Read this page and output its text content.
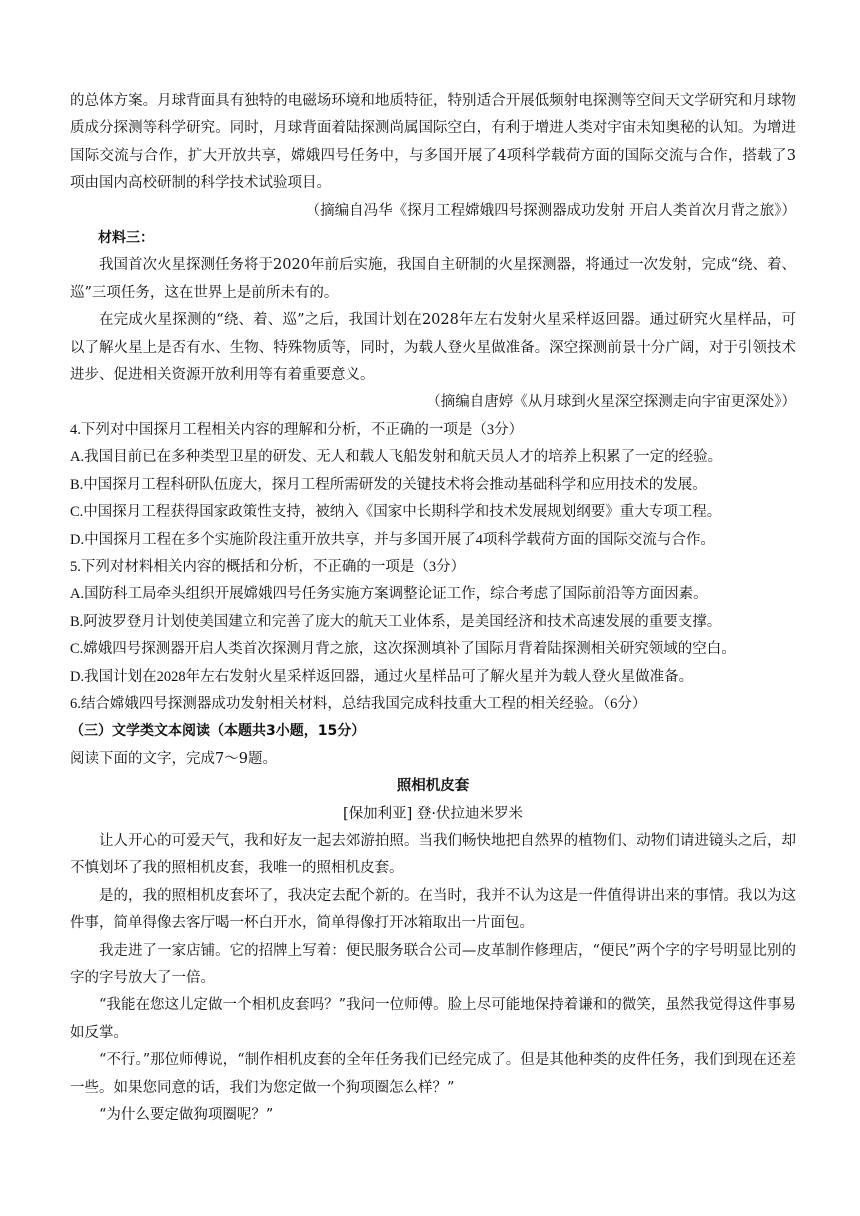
的总体方案。月球背面具有独特的电磁场环境和地质特征，特别适合开展低频射电探测等空间天文学研究和月球物质成分探测等科学研究。同时，月球背面着陆探测尚属国际空白，有利于增进人类对宇宙未知奥秘的认知。为增进国际交流与合作，扩大开放共享，嫦娥四号任务中，与多国开展了4项科学载荷方面的国际交流与合作，搭载了3项由国内高校研制的科学技术试验项目。

（摘编自冯华《探月工程嫦娥四号探测器成功发射 开启人类首次月背之旅》）

材料三：

我国首次火星探测任务将于2020年前后实施，我国自主研制的火星探测器，将通过一次发射，完成“绕、着、巡”三项任务，这在世界上是前所未有的。

在完成火星探测的“绕、着、巡”之后，我国计划在2028年左右发射火星采样返回器。通过研究火星样品，可以了解火星上是否有水、生物、特殊物质等，同时，为载人登火星做准备。深空探测前景十分广阔，对于引领技术进步、促进相关资源开放利用等有着重要意义。

（摘编自唐婷《从月球到火星深空探测走向宇宙更深处》）

4.下列对中国探月工程相关内容的理解和分析，不正确的一项是（3分）

A.我国目前已在多种类型卫星的研发、无人和载人飞船发射和航天员人才的培养上积累了一定的经验。

B.中国探月工程科研队伍庞大，探月工程所需研发的关键技术将会推动基础科学和应用技术的发展。

C.中国探月工程获得国家政策性支持，被纳入《国家中长期科学和技术发展规划纲要》重大专项工程。

D.中国探月工程在多个实施阶段注重开放共享，并与多国开展了4项科学载荷方面的国际交流与合作。

5.下列对材料相关内容的概括和分析，不正确的一项是（3分）

A.国防科工局牵头组织开展嫦娥四号任务实施方案调整论证工作，综合考虑了国际前沿等方面因素。

B.阿波罗登月计划使美国建立和完善了庞大的航天工业体系，是美国经济和技术高速发展的重要支撑。

C.嫦娥四号探测器开启人类首次探测月背之旅，这次探测填补了国际月背着陆探测相关研究领域的空白。

D.我国计划在2028年左右发射火星采样返回器，通过火星样品可了解火星并为载人登火星做准备。

6.结合嫦娥四号探测器成功发射相关材料，总结我国完成科技重大工程的相关经验。（6分）

（三）文学类文本阅读（本题共3小题，15分）

阅读下面的文字，完成7～9题。

照相机皮套

[保加利亚] 登·伏拉迪米罗米

让人开心的可爱天气，我和好友一起去郊游拍照。当我们畅快地把自然界的植物们、动物们请进镜头之后，却不慎划坏了我的照相机皮套，我唯一的照相机皮套。

是的，我的照相机皮套坏了，我决定去配个新的。在当时，我并不认为这是一件值得讲出来的事情。我以为这件事，简单得像去客厅喝一杯白开水，简单得像打开冰箱取出一片面包。

我走进了一家店铺。它的招牌上写着：便民服务联合公司—皮革制作修理店，“便民”两个字的字号明显比别的字的字号放大了一倍。

“我能在您这儿定做一个相机皮套吗？”我问一位师傅。脸上尽可能地保持着谦和的微笑，虽然我觉得这件事易如反掌。

“不行。”那位师傅说，“制作相机皮套的全年任务我们已经完成了。但是其他种类的皮件任务，我们到现在还差一些。如果您同意的话，我们为您定做一个狗项圈怎么样？”

“为什么要定做狗项圈呢？”
